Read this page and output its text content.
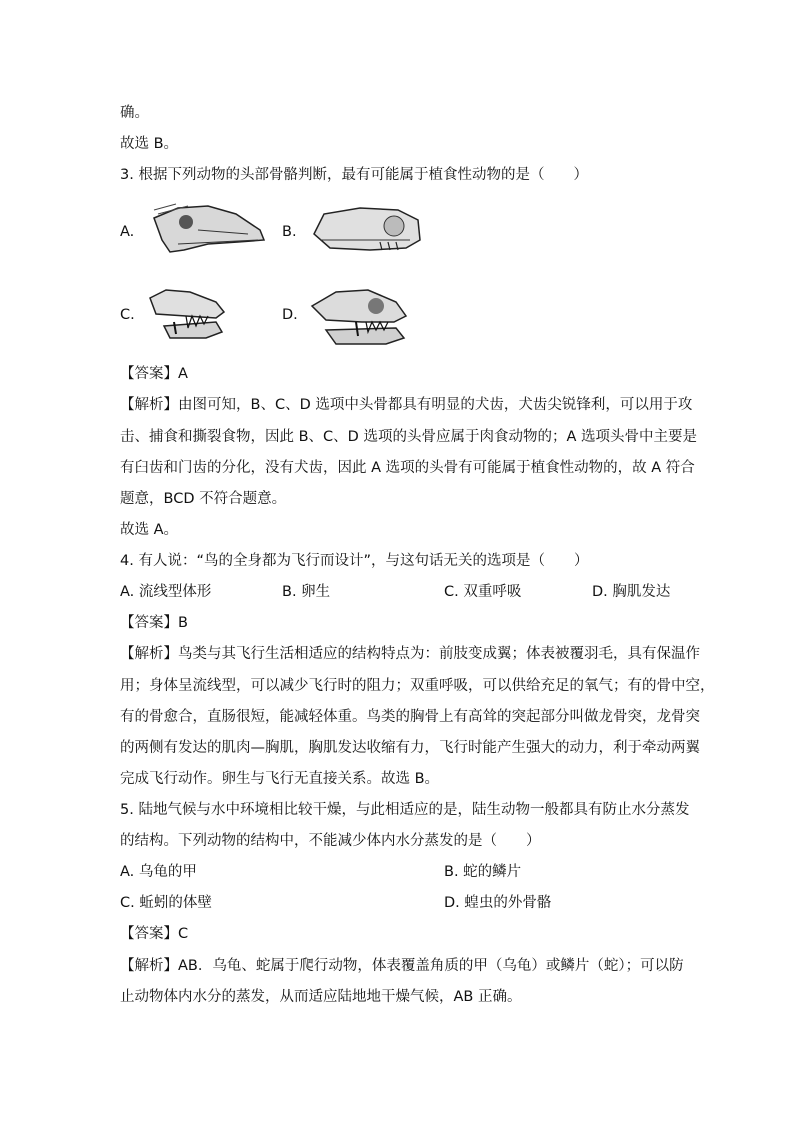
确。
故选 B。
3. 根据下列动物的头部骨骼判断，最有可能属于植食性动物的是（　　）
A.	B.
C.	D.
【答案】A
【解析】由图可知，B、C、D 选项中头骨都具有明显的犬齿，犬齿尖锐锋利，可以用于攻
击、捕食和撕裂食物，因此 B、C、D 选项的头骨应属于肉食动物的；A 选项头骨中主要是
有臼齿和门齿的分化，没有犬齿，因此 A 选项的头骨有可能属于植食性动物的，故 A 符合
题意，BCD 不符合题意。
故选 A。
4. 有人说：“鸟的全身都为飞行而设计”，与这句话无关的选项是（　　）
A. 流线型体形	B. 卵生	C. 双重呼吸	D. 胸肌发达
【答案】B
【解析】鸟类与其飞行生活相适应的结构特点为：前肢变成翼；体表被覆羽毛，具有保温作
用；身体呈流线型，可以减少飞行时的阻力；双重呼吸，可以供给充足的氧气；有的骨中空，
有的骨愈合，直肠很短，能减轻体重。鸟类的胸骨上有高耸的突起部分叫做龙骨突，龙骨突
的两侧有发达的肌肉—胸肌，胸肌发达收缩有力，飞行时能产生强大的动力，利于牵动两翼
完成飞行动作。卵生与飞行无直接关系。故选 B。
5. 陆地气候与水中环境相比较干燥，与此相适应的是，陆生动物一般都具有防止水分蒸发
的结构。下列动物的结构中，不能减少体内水分蒸发的是（　　）
A. 乌龟的甲	B. 蛇的鳞片
C. 蚯蚓的体壁	D. 蝗虫的外骨骼
【答案】C
【解析】AB．乌龟、蛇属于爬行动物，体表覆盖角质的甲（乌龟）或鳞片（蛇）；可以防
止动物体内水分的蒸发，从而适应陆地地干燥气候，AB 正确。
